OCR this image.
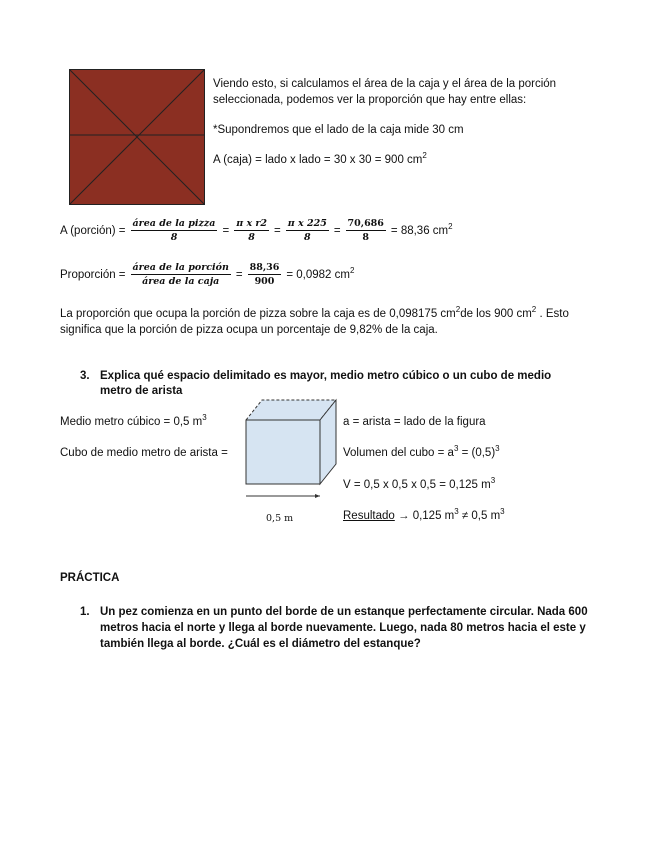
Viendo esto, si calculamos el área de la caja y el área de la porción seleccionada, podemos ver la proporción que hay entre ellas:

*Supondremos que el lado de la caja mide 30 cm

A (caja) = lado x lado = 30 x 30 = 900 $cm^2$

A (porción) = $\frac{\text{área de la pizza}}{8} = \frac{\text{π x r2}}{8} = \frac{\text{π x 225}}{8} = \frac{70,686}{8} = 88,36$ $cm^2$
Proporción = $\frac{\text{área de la porción}}{\text{área de la caja}} = \frac{88,36}{900} = 0,0982$ $cm^2$
La proporción que ocupa la porción de pizza sobre la caja es de 0,098175 $cm^2de$ los 900 $cm^2$ . Esto significa que la porción de pizza ocupa un porcentaje de 9,82% de la caja.
3. Explica qué espacio delimitado es mayor, medio metro cúbico o un cubo de medio metro de arista
Medio metro cúbico = 0,5 $m^3$
Cubo de medio metro de arista =
0,5 m
a = arista = lado de la figura
Volumen del cubo = $a^3 = (0,5)^3$
V = 0,5 x 0,5 x 0,5 = 0,125 $m^3$
Resultado → 0,125 $m^3 \ne 0,5$ $m^3$
PRÁCTICA
1. Un pez comienza en un punto del borde de un estanque perfectamente circular. Nada 600 metros hacia el norte y llega al borde nuevamente. Luego, nada 80 metros hacia el este y también llega al borde. ¿Cuál es el diámetro del estanque?
